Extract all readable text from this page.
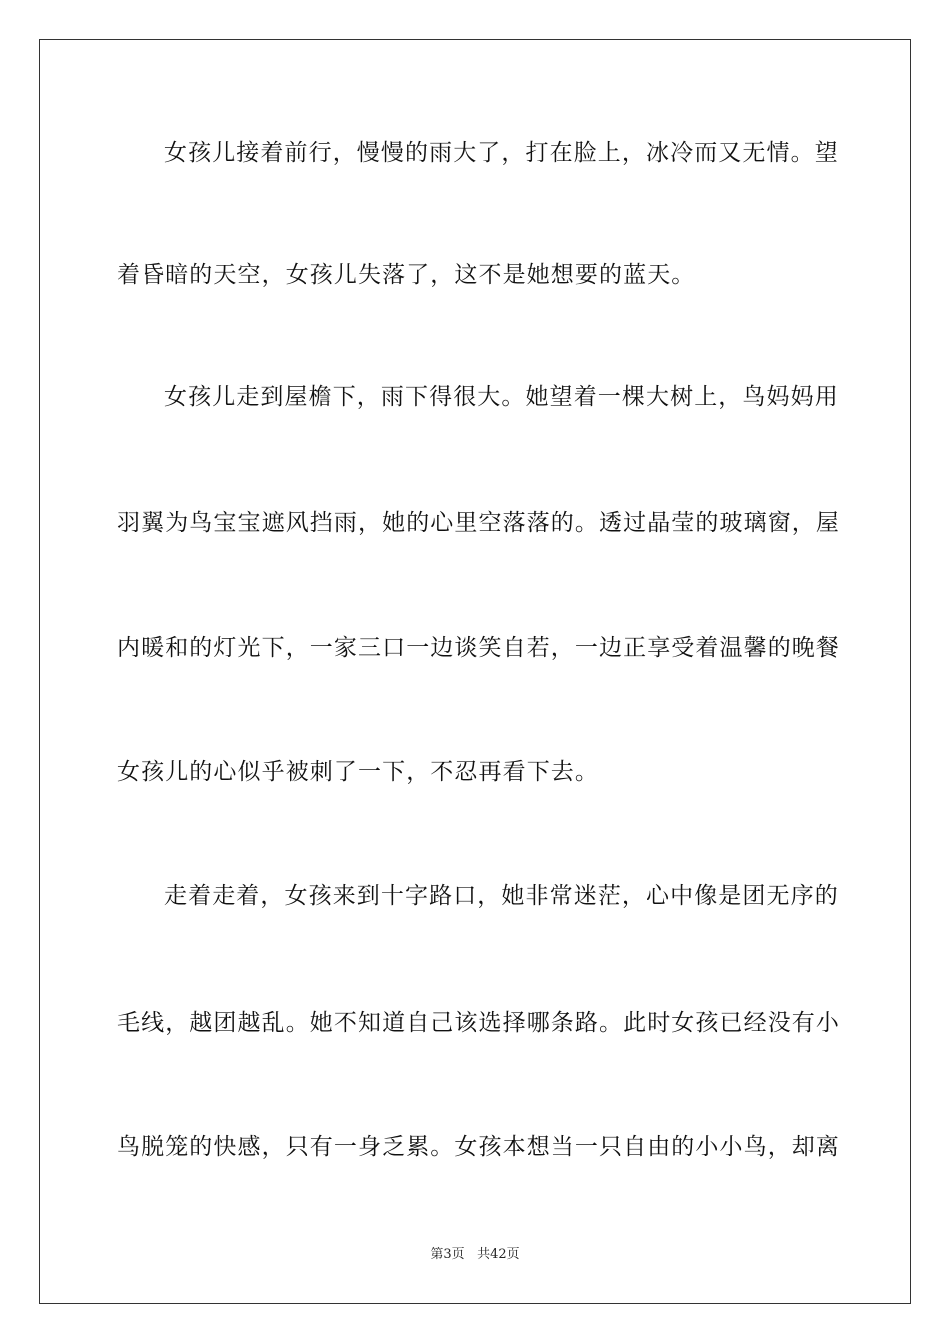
女孩儿接着前行，慢慢的雨大了，打在脸上，冰冷而又无情。望
着昏暗的天空，女孩儿失落了，这不是她想要的蓝天。
女孩儿走到屋檐下，雨下得很大。她望着一棵大树上，鸟妈妈用
羽翼为鸟宝宝遮风挡雨，她的心里空落落的。透过晶莹的玻璃窗，屋
内暖和的灯光下，一家三口一边谈笑自若，一边正享受着温馨的晚餐
女孩儿的心似乎被刺了一下，不忍再看下去。
走着走着，女孩来到十字路口，她非常迷茫，心中像是团无序的
毛线，越团越乱。她不知道自己该选择哪条路。此时女孩已经没有小
鸟脱笼的快感，只有一身乏累。女孩本想当一只自由的小小鸟，却离
第3页 共42页
